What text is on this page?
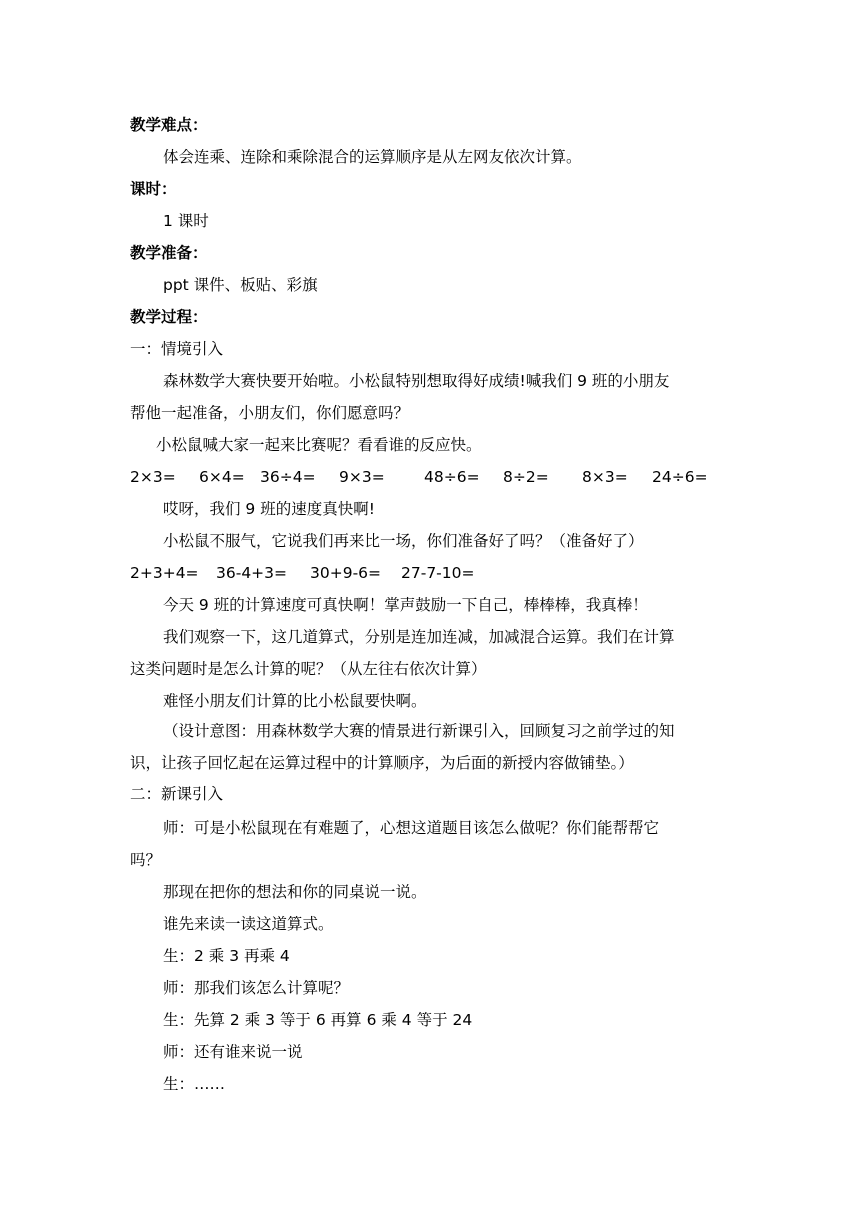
教学难点：
体会连乘、连除和乘除混合的运算顺序是从左网友依次计算。
课时：
1 课时
教学准备：
ppt 课件、板贴、彩旗
教学过程：
一：情境引入
森林数学大赛快要开始啦。小松鼠特别想取得好成绩!喊我们 9 班的小朋友
帮他一起准备，小朋友们，你们愿意吗？
小松鼠喊大家一起来比赛呢？看看谁的反应快。
2×3= 6×4= 36÷4= 9×3=	48÷6= 8÷2= 8×3= 24÷6=
哎呀，我们 9 班的速度真快啊!
小松鼠不服气，它说我们再来比一场，你们准备好了吗？（准备好了）
2+3+4= 36-4+3= 30+9-6= 27-7-10=
今天 9 班的计算速度可真快啊！掌声鼓励一下自己，棒棒棒，我真棒！
我们观察一下，这几道算式，分别是连加连减，加减混合运算。我们在计算
这类问题时是怎么计算的呢？（从左往右依次计算）
难怪小朋友们计算的比小松鼠要快啊。
（设计意图：用森林数学大赛的情景进行新课引入，回顾复习之前学过的知
识，让孩子回忆起在运算过程中的计算顺序，为后面的新授内容做铺垫。）
二：新课引入
师：可是小松鼠现在有难题了，心想这道题目该怎么做呢？你们能帮帮它
吗？
那现在把你的想法和你的同桌说一说。
谁先来读一读这道算式。
生：2 乘 3 再乘 4
师：那我们该怎么计算呢？
生：先算 2 乘 3 等于 6 再算 6 乘 4 等于 24
师：还有谁来说一说
生：……
